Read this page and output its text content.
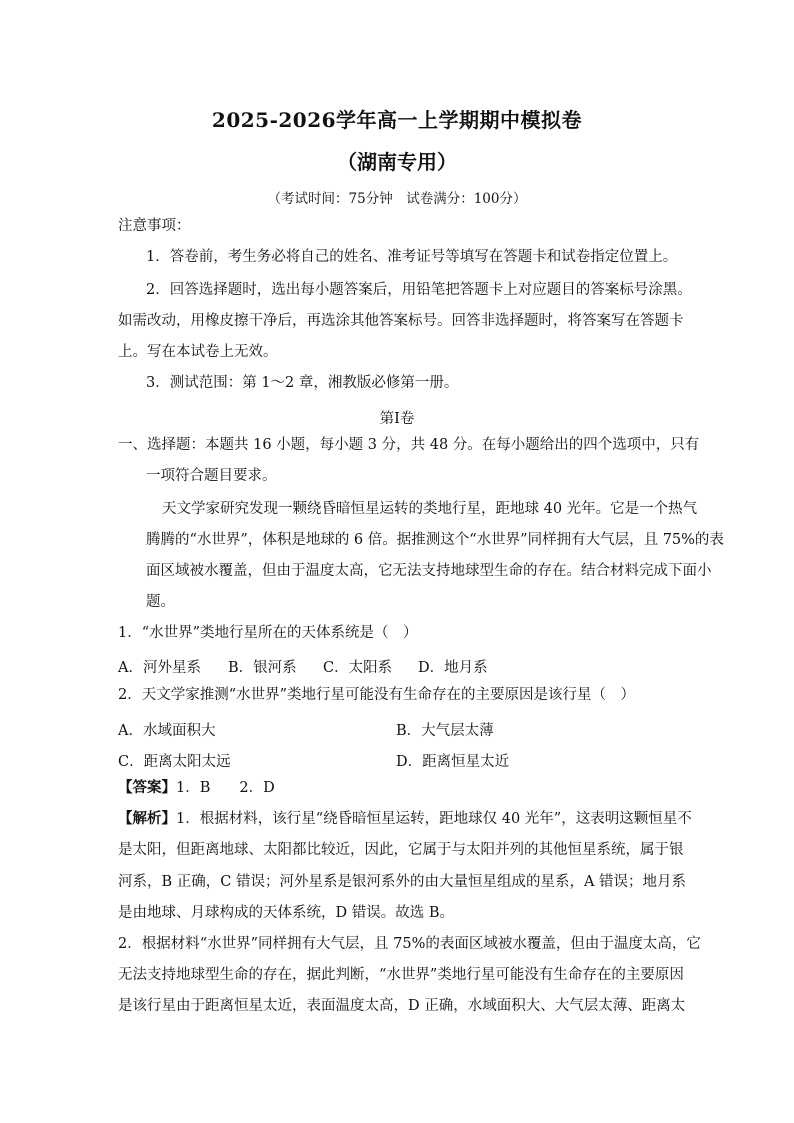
2025-2026学年高一上学期期中模拟卷
（湖南专用）
（考试时间：75分钟　试卷满分：100分）
注意事项：
1．答卷前，考生务必将自己的姓名、准考证号等填写在答题卡和试卷指定位置上。
2．回答选择题时，选出每小题答案后，用铅笔把答题卡上对应题目的答案标号涂黑。
如需改动，用橡皮擦干净后，再选涂其他答案标号。回答非选择题时，将答案写在答题卡
上。写在本试卷上无效。
3．测试范围：第 1～2 章，湘教版必修第一册。
第Ⅰ卷
一、选择题：本题共 16 小题，每小题 3 分，共 48 分。在每小题给出的四个选项中，只有
一项符合题目要求。
天文学家研究发现一颗绕昏暗恒星运转的类地行星，距地球 40 光年。它是一个热气
腾腾的“水世界”，体积是地球的 6 倍。据推测这个“水世界”同样拥有大气层，且 75%的表
面区域被水覆盖，但由于温度太高，它无法支持地球型生命的存在。结合材料完成下面小
题。
1．“水世界”类地行星所在的天体系统是（　）
A．河外星系 B．银河系 C．太阳系 D．地月系
2．天文学家推测“水世界”类地行星可能没有生命存在的主要原因是该行星（　）
A．水域面积大	B．大气层太薄
C．距离太阳太远	D．距离恒星太近
【答案】1．B　　2．D
【解析】1．根据材料，该行星“绕昏暗恒星运转，距地球仅 40 光年”，这表明这颗恒星不
是太阳，但距离地球、太阳都比较近，因此，它属于与太阳并列的其他恒星系统，属于银
河系，B 正确，C 错误；河外星系是银河系外的由大量恒星组成的星系，A 错误；地月系
是由地球、月球构成的天体系统，D 错误。故选 B。
2．根据材料“水世界”同样拥有大气层，且 75%的表面区域被水覆盖，但由于温度太高，它
无法支持地球型生命的存在，据此判断，“水世界”类地行星可能没有生命存在的主要原因
是该行星由于距离恒星太近，表面温度太高，D 正确，水域面积大、大气层太薄、距离太
